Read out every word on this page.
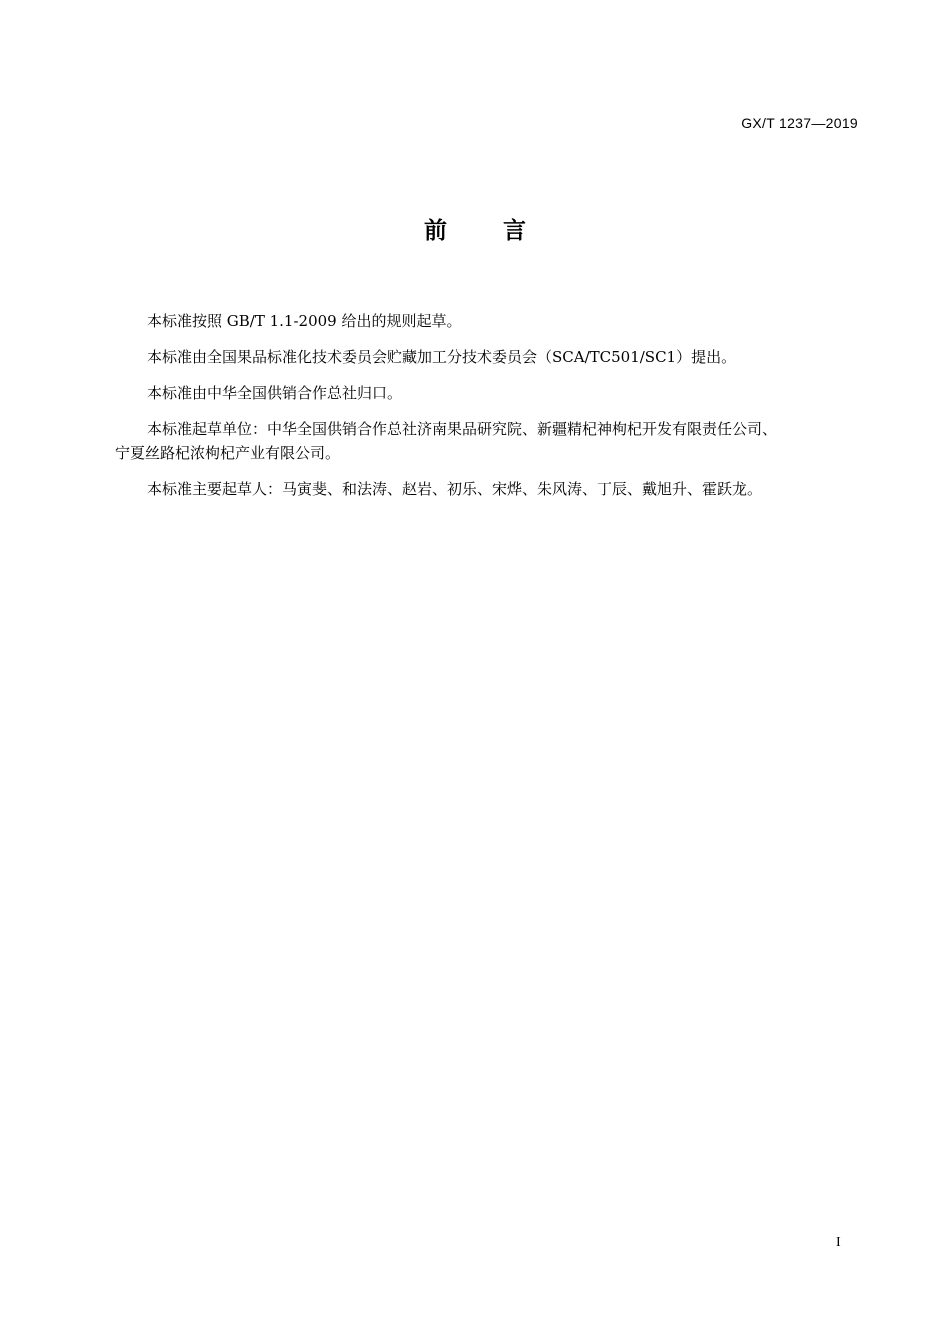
GX/T 1237—2019
前 言

本标准按照 GB/T 1.1-2009 给出的规则起草。

本标准由全国果品标准化技术委员会贮藏加工分技术委员会（SCA/TC501/SC1）提出。

本标准由中华全国供销合作总社归口。

本标准起草单位：中华全国供销合作总社济南果品研究院、新疆精杞神枸杞开发有限责任公司、
宁夏丝路杞浓枸杞产业有限公司。

本标准主要起草人：马寅斐、和法涛、赵岩、初乐、宋烨、朱风涛、丁辰、戴旭升、霍跃龙。

I
